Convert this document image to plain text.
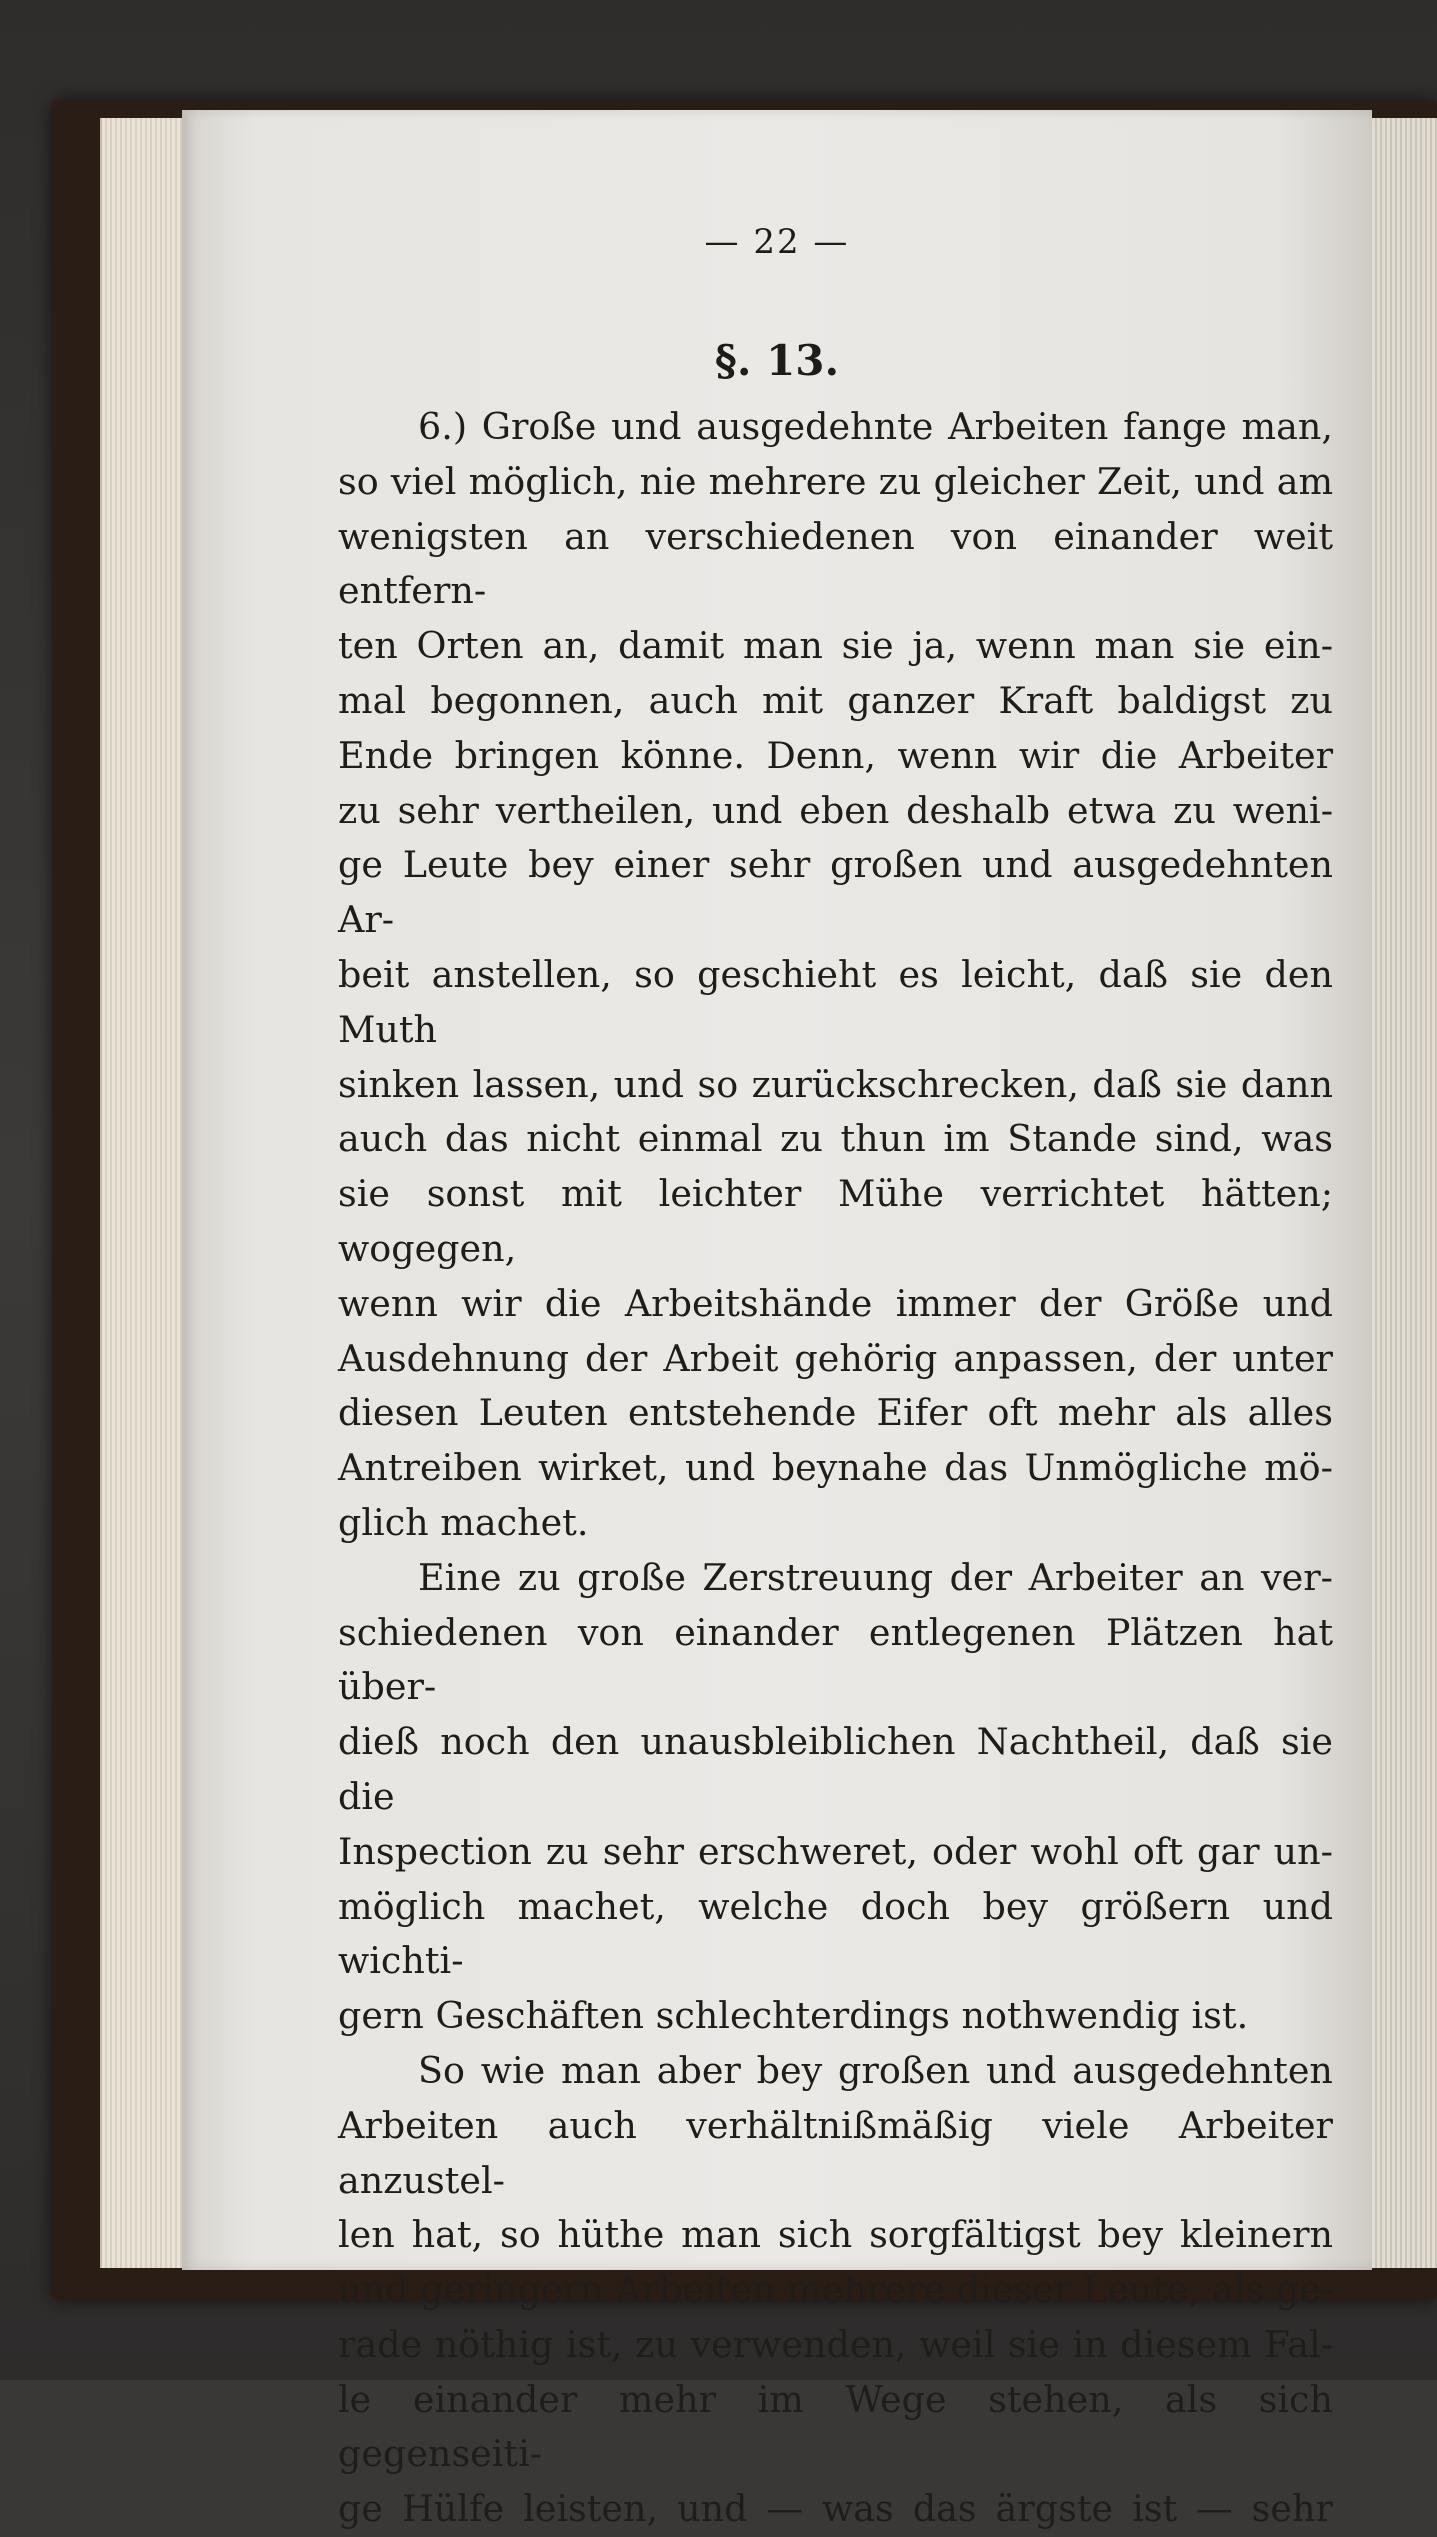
— 22 —
§. 13.

6.) Große und ausgedehnte Arbeiten fange man,
so viel möglich, nie mehrere zu gleicher Zeit, und am
wenigsten an verschiedenen von einander weit entfern-
ten Orten an, damit man sie ja, wenn man sie ein-
mal begonnen, auch mit ganzer Kraft baldigst zu
Ende bringen könne. Denn, wenn wir die Arbeiter
zu sehr vertheilen, und eben deshalb etwa zu weni-
ge Leute bey einer sehr großen und ausgedehnten Ar-
beit anstellen, so geschieht es leicht, daß sie den Muth
sinken lassen, und so zurückschrecken, daß sie dann
auch das nicht einmal zu thun im Stande sind, was
sie sonst mit leichter Mühe verrichtet hätten; wogegen,
wenn wir die Arbeitshände immer der Größe und
Ausdehnung der Arbeit gehörig anpassen, der unter
diesen Leuten entstehende Eifer oft mehr als alles
Antreiben wirket, und beynahe das Unmögliche mö-
glich machet.

Eine zu große Zerstreuung der Arbeiter an ver-
schiedenen von einander entlegenen Plätzen hat über-
dieß noch den unausbleiblichen Nachtheil, daß sie die
Inspection zu sehr erschweret, oder wohl oft gar un-
möglich machet, welche doch bey größern und wichti-
gern Geschäften schlechterdings nothwendig ist.

So wie man aber bey großen und ausgedehnten
Arbeiten auch verhältnißmäßig viele Arbeiter anzustel-
len hat, so hüthe man sich sorgfältigst bey kleinern
und geringern Arbeiten mehrere dieser Leute, als ge-
rade nöthig ist, zu verwenden, weil sie in diesem Fal-
le einander mehr im Wege stehen, als sich gegenseiti-
ge Hülfe leisten, und — was das ärgste ist — sehr
